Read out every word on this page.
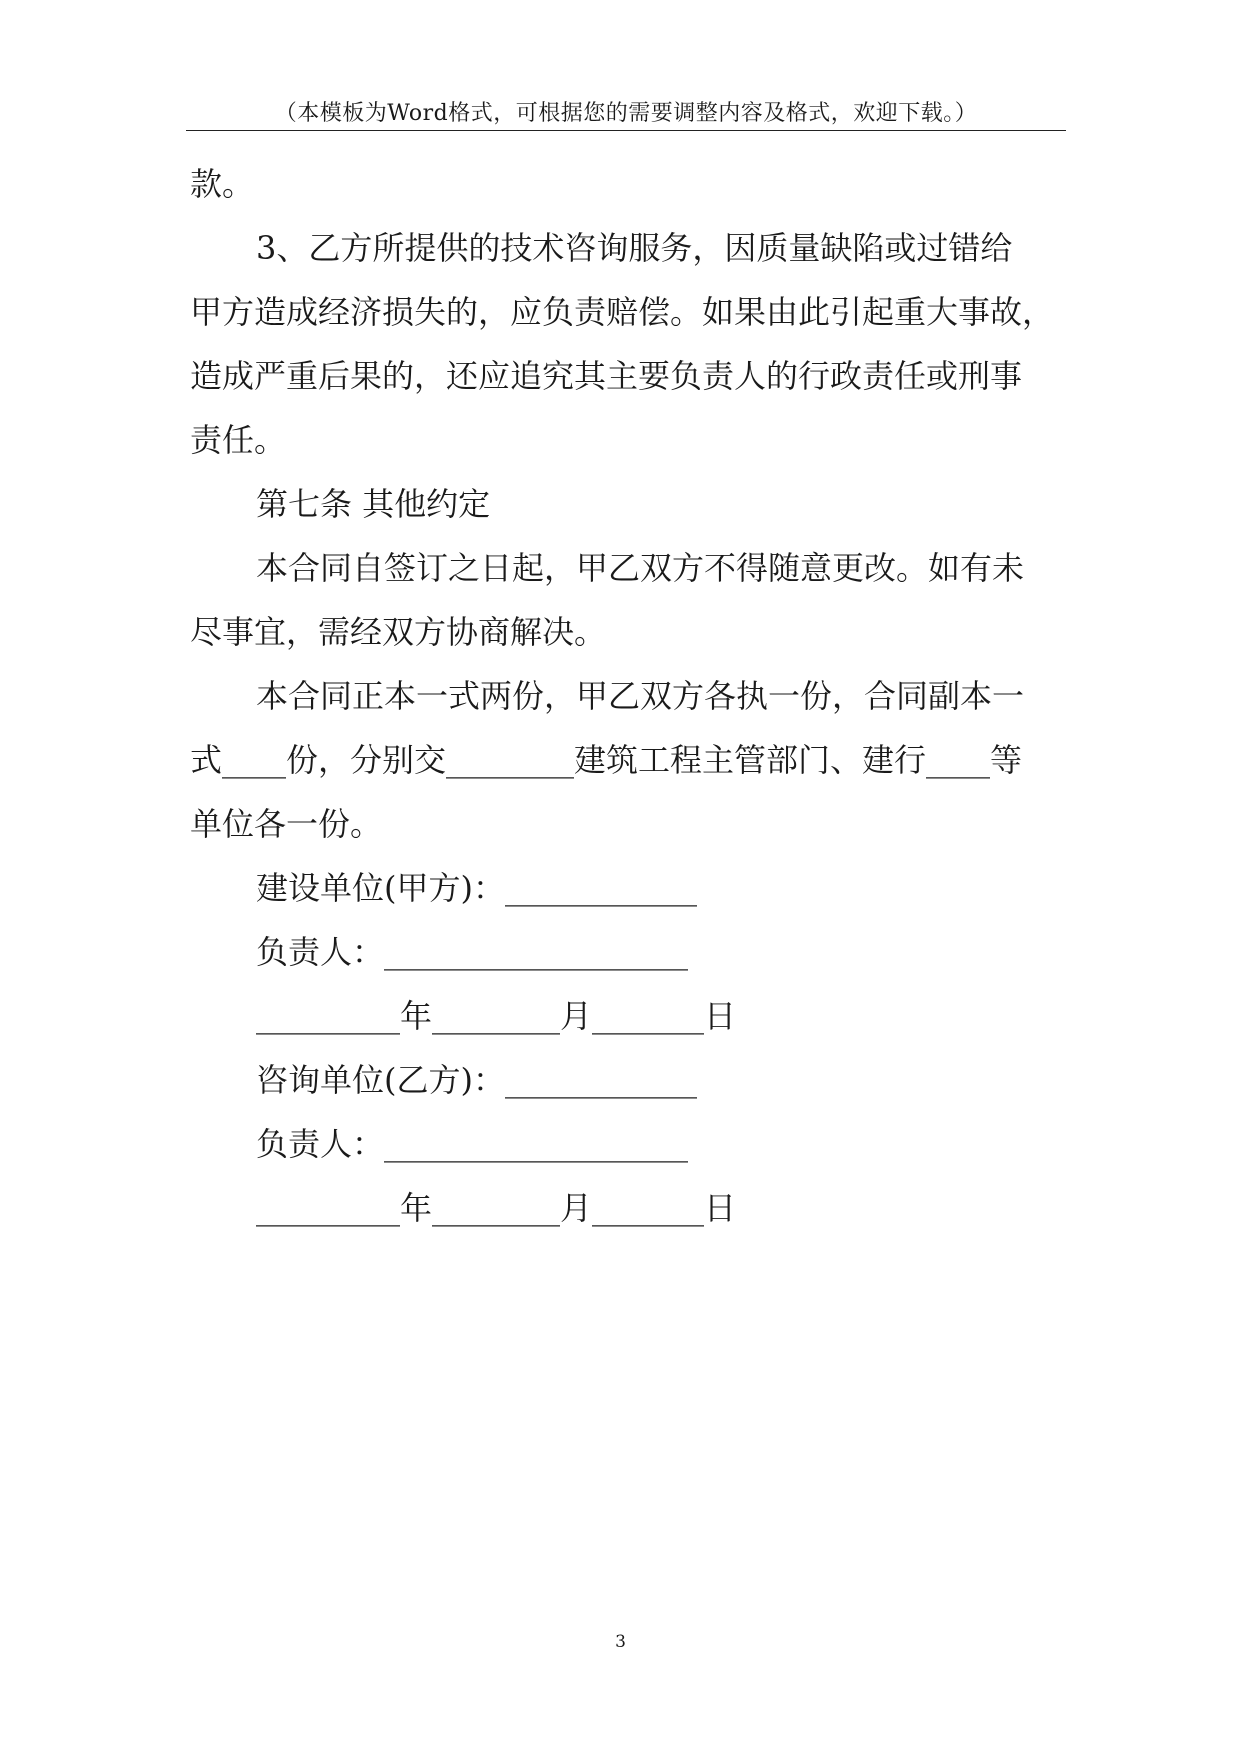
（本模板为Word格式，可根据您的需要调整内容及格式，欢迎下载。）
款。
3、乙方所提供的技术咨询服务，因质量缺陷或过错给
甲方造成经济损失的，应负责赔偿。如果由此引起重大事故，
造成严重后果的，还应追究其主要负责人的行政责任或刑事
责任。
第七条 其他约定
本合同自签订之日起，甲乙双方不得随意更改。如有未
尽事宜，需经双方协商解决。
本合同正本一式两份，甲乙双方各执一份，合同副本一
式____份，分别交________建筑工程主管部门、建行____等
单位各一份。
建设单位(甲方)：____________
负责人：___________________
_________年________月_______日
咨询单位(乙方)：____________
负责人：___________________
_________年________月_______日
3
